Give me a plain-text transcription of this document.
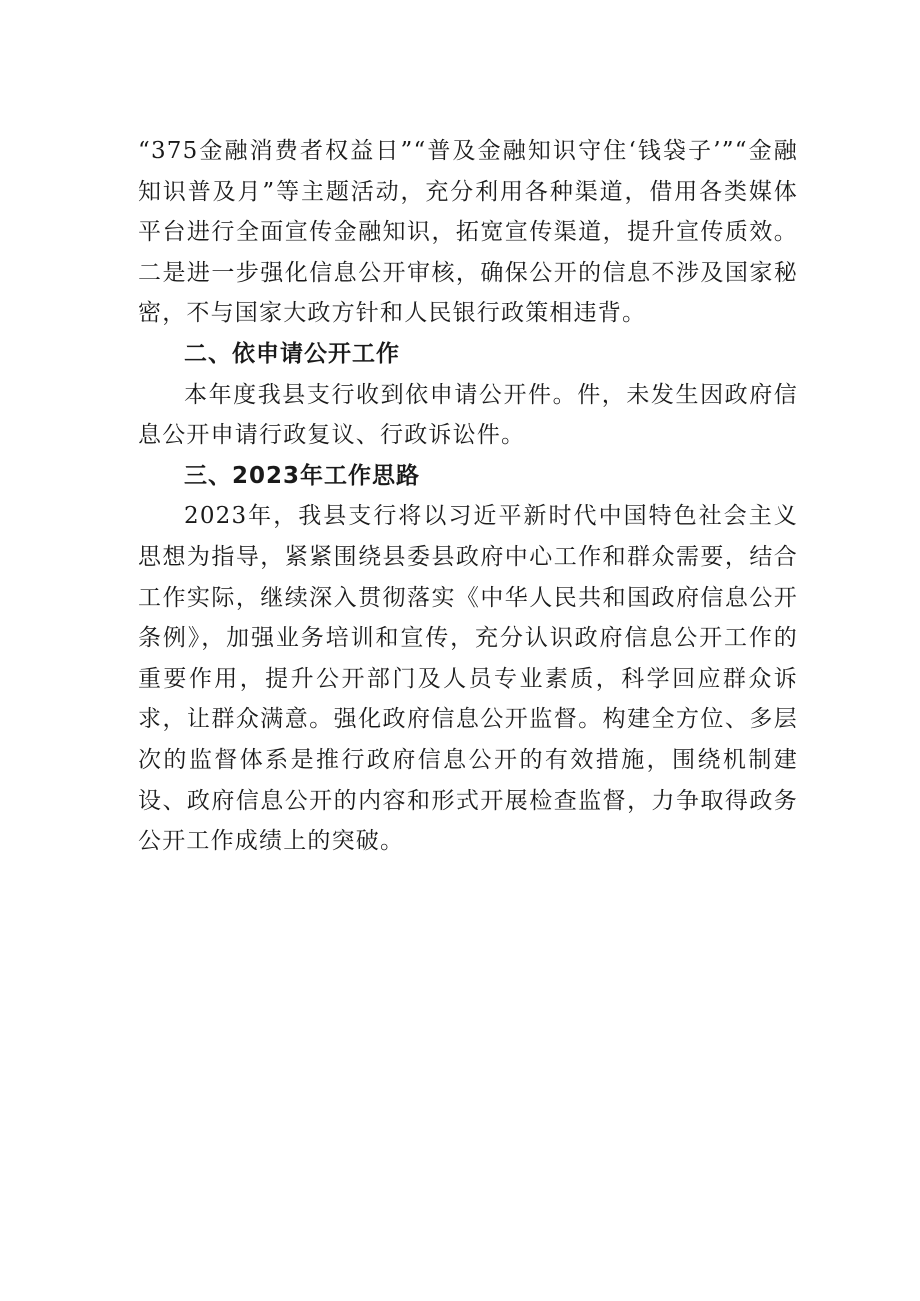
“375金融消费者权益日”“普及金融知识守住‘钱袋子’”“金融知识普及月”等主题活动，充分利用各种渠道，借用各类媒体平台进行全面宣传金融知识，拓宽宣传渠道，提升宣传质效。二是进一步强化信息公开审核，确保公开的信息不涉及国家秘密，不与国家大政方针和人民银行政策相违背。

二、依申请公开工作

本年度我县支行收到依申请公开件。件，未发生因政府信息公开申请行政复议、行政诉讼件。

三、2023年工作思路

2023年，我县支行将以习近平新时代中国特色社会主义思想为指导，紧紧围绕县委县政府中心工作和群众需要，结合工作实际，继续深入贯彻落实《中华人民共和国政府信息公开条例》，加强业务培训和宣传，充分认识政府信息公开工作的重要作用，提升公开部门及人员专业素质，科学回应群众诉求，让群众满意。强化政府信息公开监督。构建全方位、多层次的监督体系是推行政府信息公开的有效措施，围绕机制建设、政府信息公开的内容和形式开展检查监督，力争取得政务公开工作成绩上的突破。
